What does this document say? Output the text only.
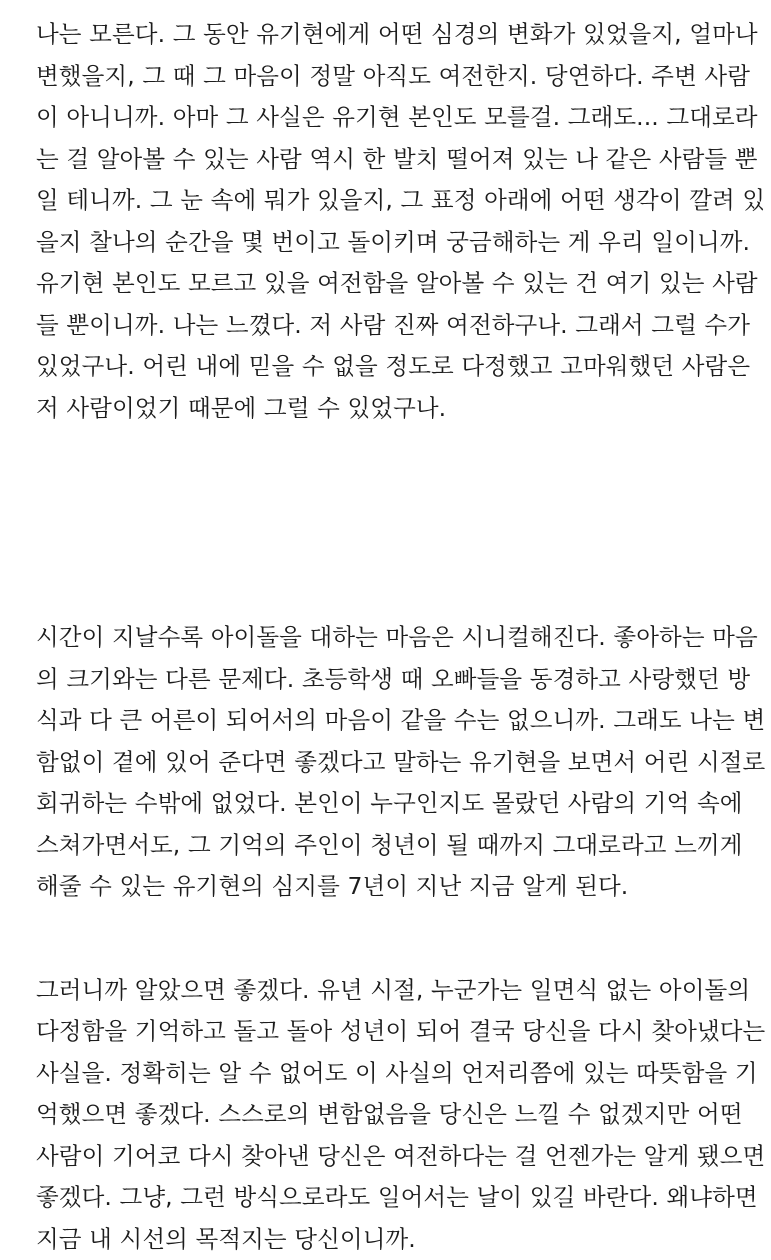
나는 모른다. 그 동안 유기현에게 어떤 심경의 변화가 있었을지, 얼마나
변했을지, 그 때 그 마음이 정말 아직도 여전한지. 당연하다. 주변 사람
이 아니니까. 아마 그 사실은 유기현 본인도 모를걸. 그래도... 그대로라
는 걸 알아볼 수 있는 사람 역시 한 발치 떨어져 있는 나 같은 사람들 뿐
일 테니까. 그 눈 속에 뭐가 있을지, 그 표정 아래에 어떤 생각이 깔려 있
을지 찰나의 순간을 몇 번이고 돌이키며 궁금해하는 게 우리 일이니까.
유기현 본인도 모르고 있을 여전함을 알아볼 수 있는 건 여기 있는 사람
들 뿐이니까. 나는 느꼈다. 저 사람 진짜 여전하구나. 그래서 그럴 수가
있었구나. 어린 내에 믿을 수 없을 정도로 다정했고 고마워했던 사람은
저 사람이었기 때문에 그럴 수 있었구나.
시간이 지날수록 아이돌을 대하는 마음은 시니컬해진다. 좋아하는 마음
의 크기와는 다른 문제다. 초등학생 때 오빠들을 동경하고 사랑했던 방
식과 다 큰 어른이 되어서의 마음이 같을 수는 없으니까. 그래도 나는 변
함없이 곁에 있어 준다면 좋겠다고 말하는 유기현을 보면서 어린 시절로
회귀하는 수밖에 없었다. 본인이 누구인지도 몰랐던 사람의 기억 속에
스쳐가면서도, 그 기억의 주인이 청년이 될 때까지 그대로라고 느끼게
해줄 수 있는 유기현의 심지를 7년이 지난 지금 알게 된다.
그러니까 알았으면 좋겠다. 유년 시절, 누군가는 일면식 없는 아이돌의
다정함을 기억하고 돌고 돌아 성년이 되어 결국 당신을 다시 찾아냈다는
사실을. 정확히는 알 수 없어도 이 사실의 언저리쯤에 있는 따뜻함을 기
억했으면 좋겠다. 스스로의 변함없음을 당신은 느낄 수 없겠지만 어떤
사람이 기어코 다시 찾아낸 당신은 여전하다는 걸 언젠가는 알게 됐으면
좋겠다. 그냥, 그런 방식으로라도 일어서는 날이 있길 바란다. 왜냐하면
지금 내 시선의 목적지는 당신이니까.
